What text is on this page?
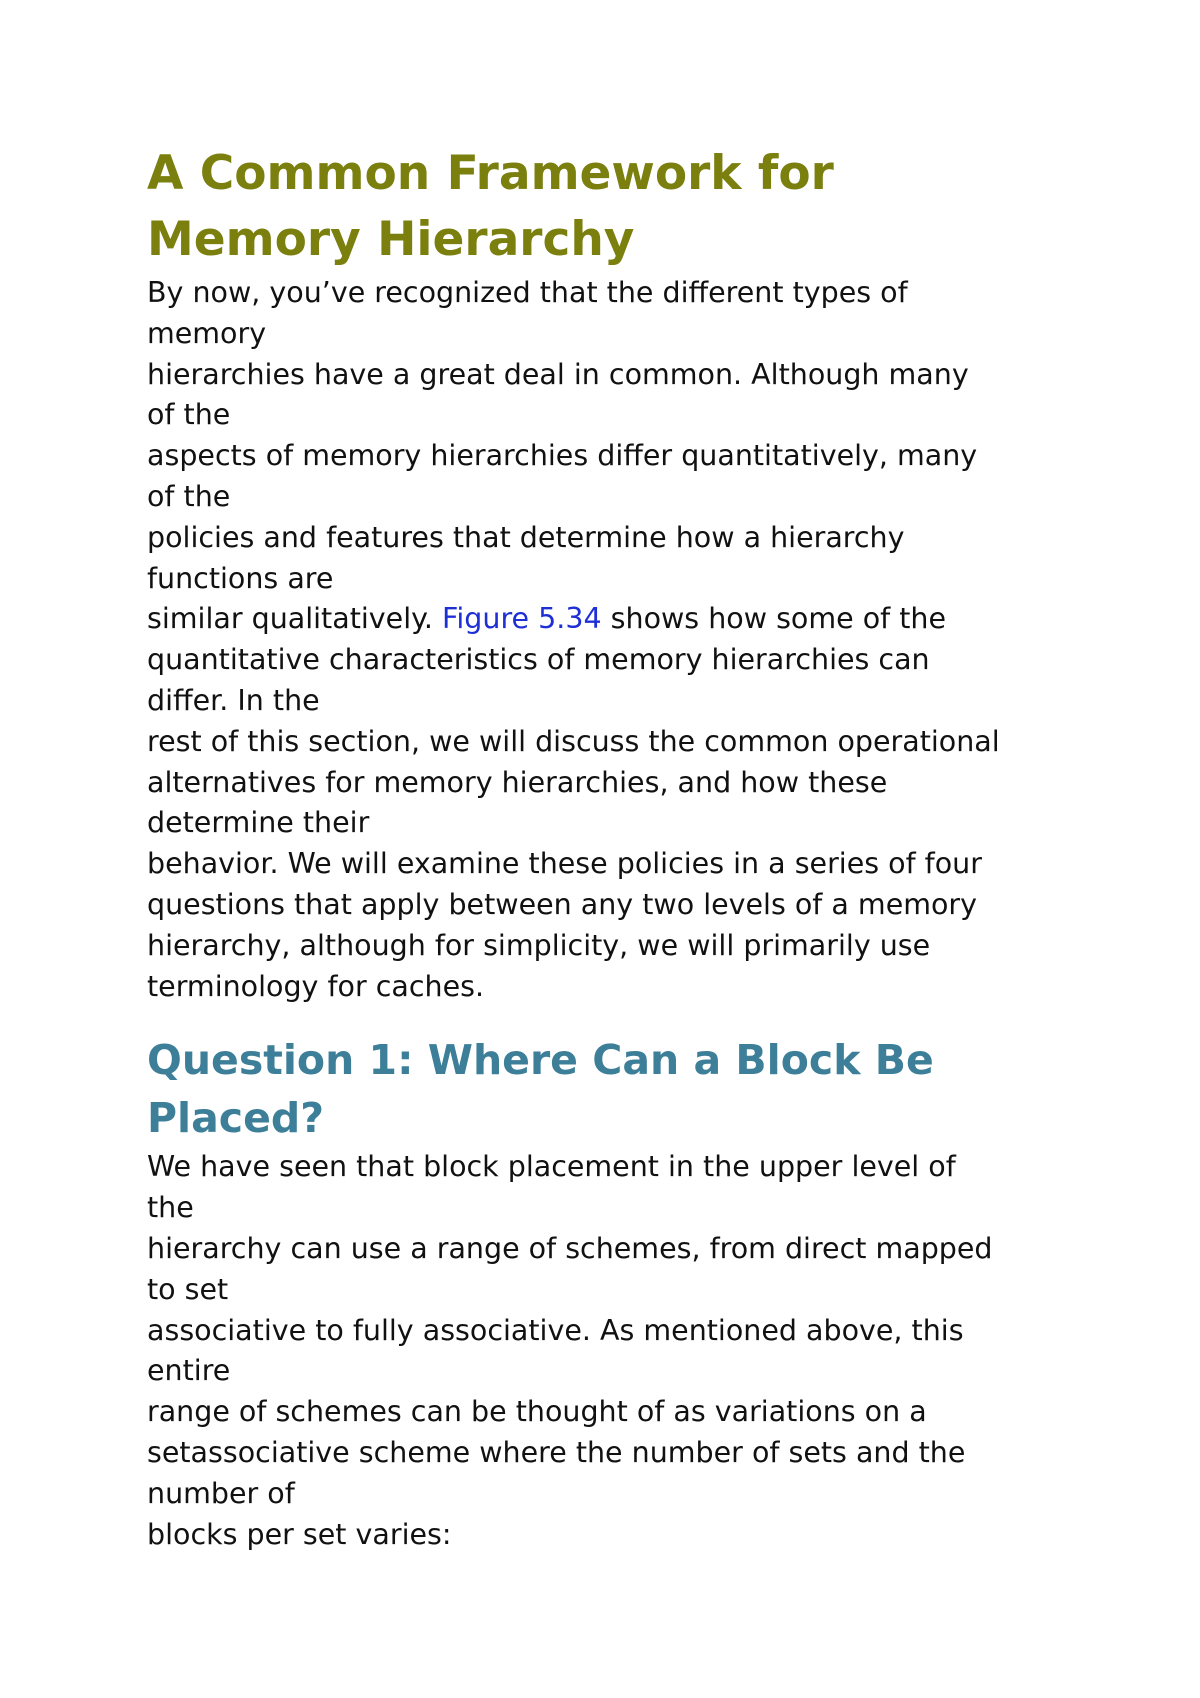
A Common Framework for
Memory Hierarchy
By now, you’ve recognized that the different types of
memory
hierarchies have a great deal in common. Although many
of the
aspects of memory hierarchies differ quantitatively, many
of the
policies and features that determine how a hierarchy
functions are
similar qualitatively. Figure 5.34 shows how some of the
quantitative characteristics of memory hierarchies can
differ. In the
rest of this section, we will discuss the common operational
alternatives for memory hierarchies, and how these
determine their
behavior. We will examine these policies in a series of four
questions that apply between any two levels of a memory
hierarchy, although for simplicity, we will primarily use
terminology for caches.
Question 1: Where Can a Block Be
Placed?
We have seen that block placement in the upper level of
the
hierarchy can use a range of schemes, from direct mapped
to set
associative to fully associative. As mentioned above, this
entire
range of schemes can be thought of as variations on a
setassociative scheme where the number of sets and the
number of
blocks per set varies:
